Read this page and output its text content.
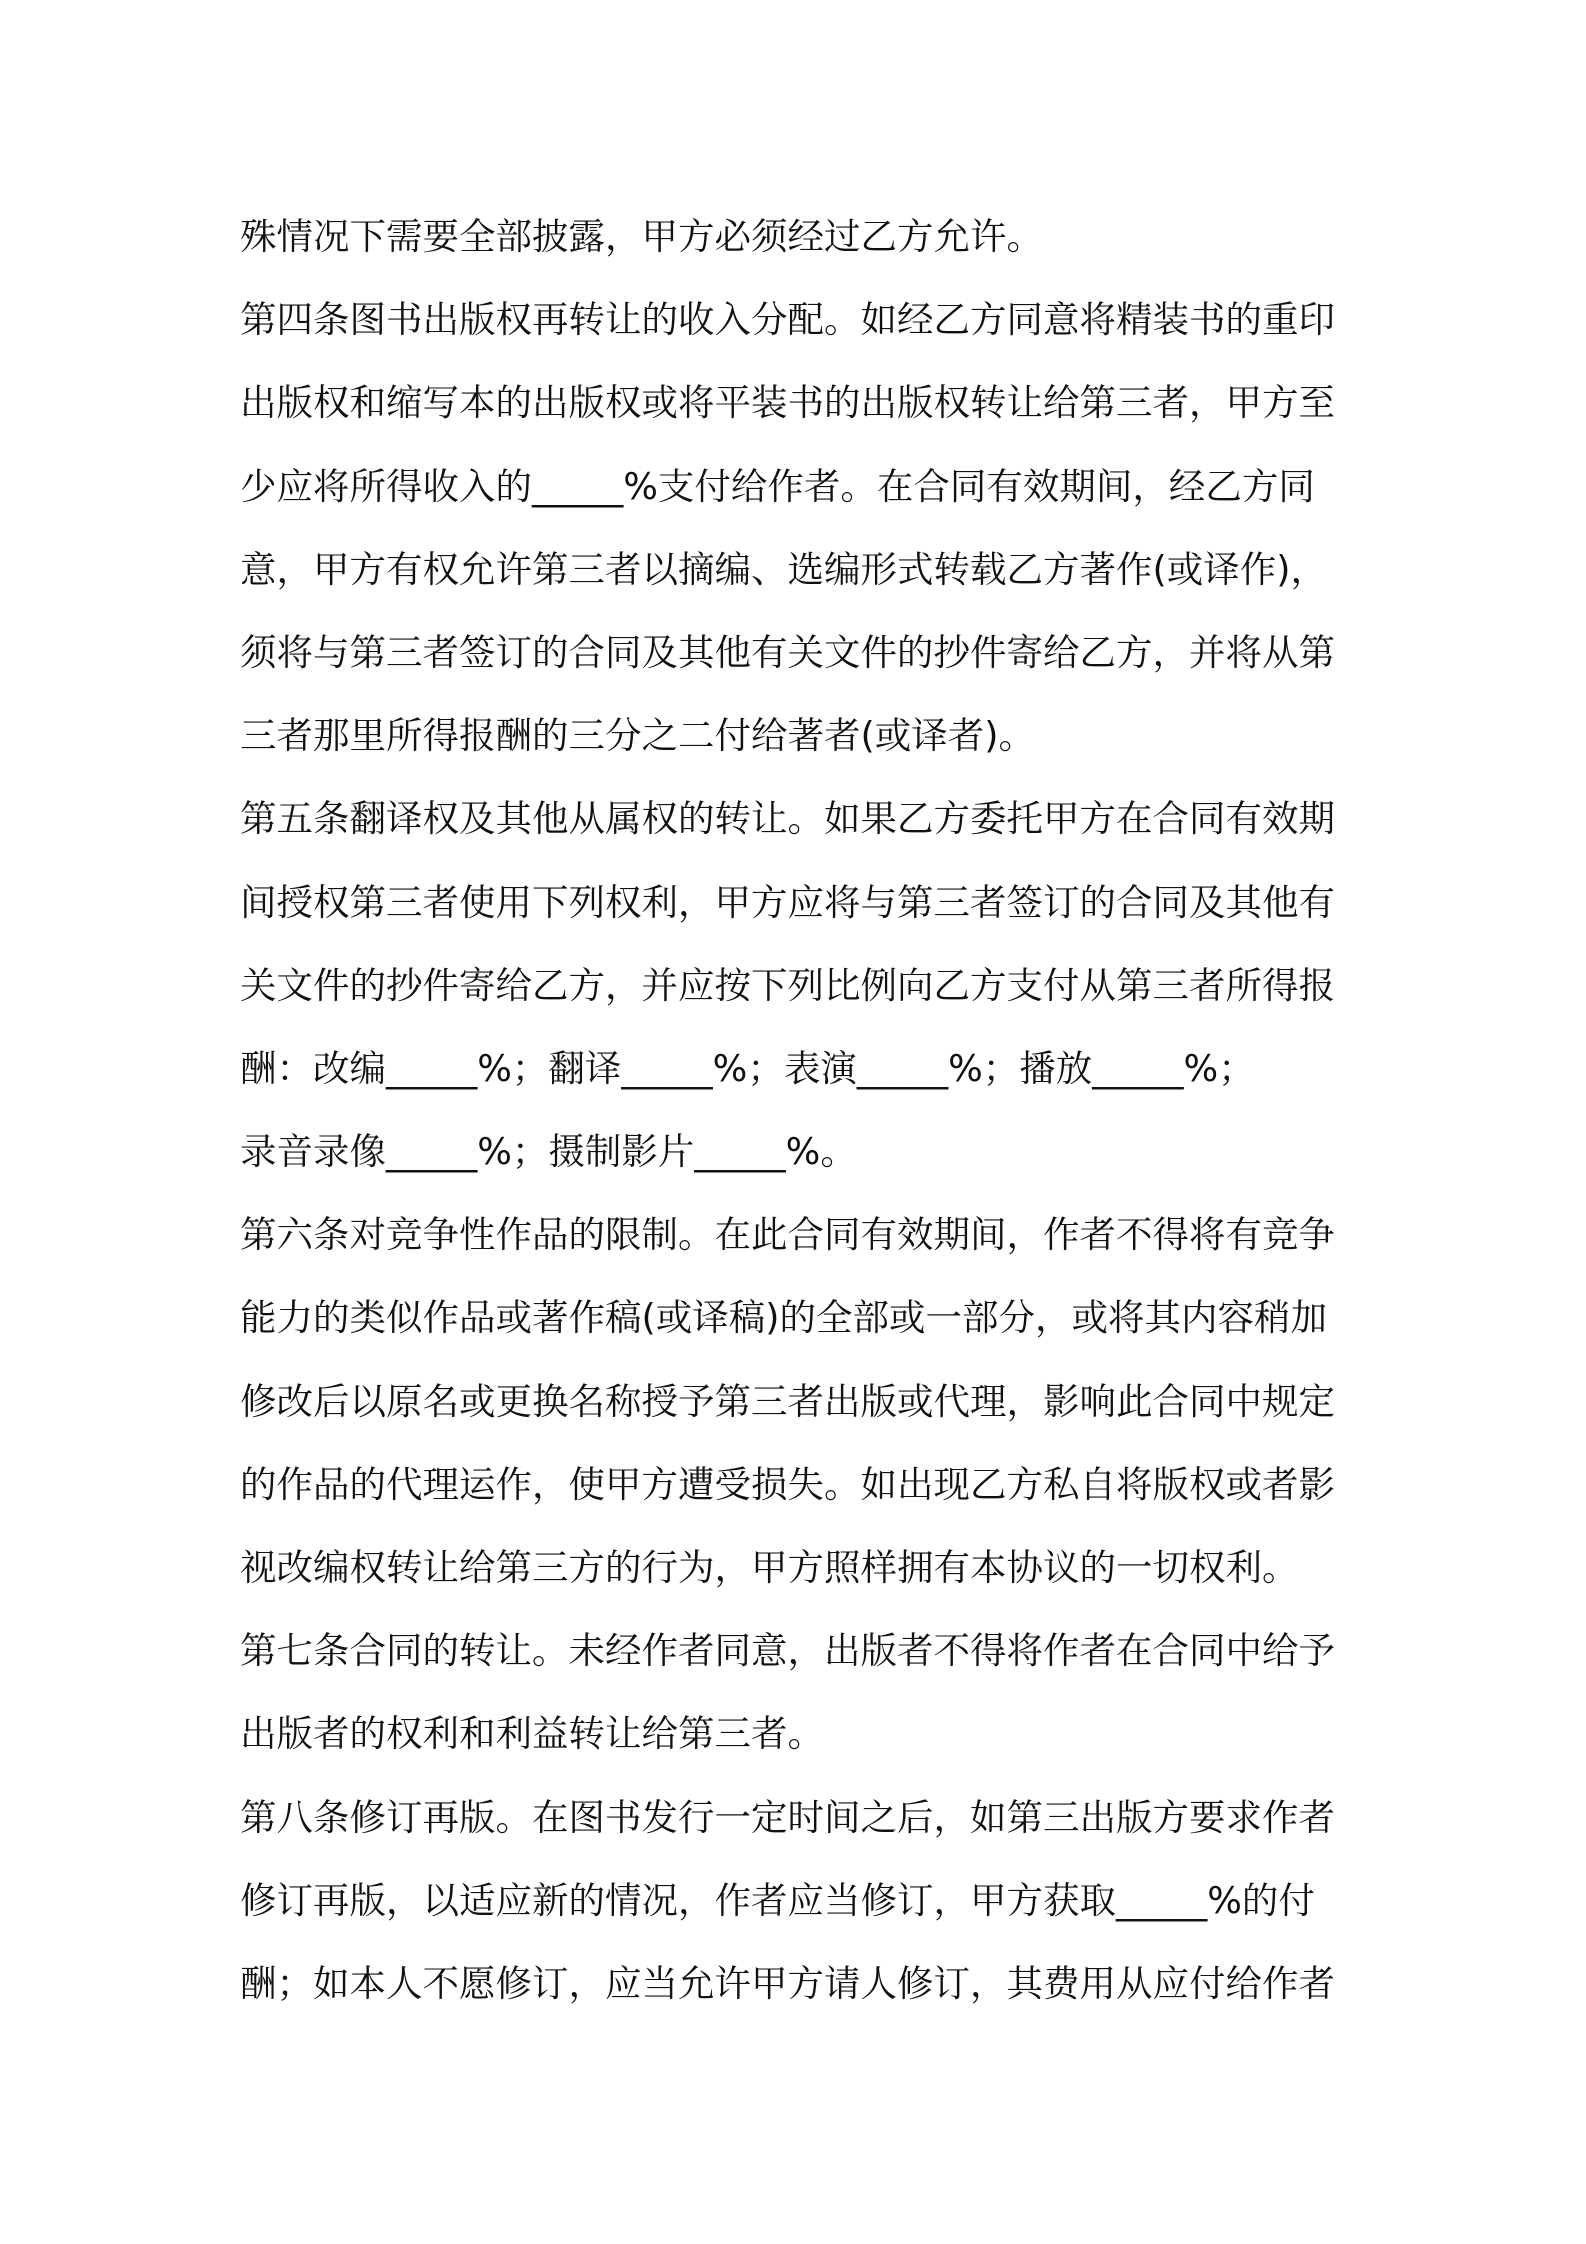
殊情况下需要全部披露，甲方必须经过乙方允许。
第四条图书出版权再转让的收入分配。如经乙方同意将精装书的重印
出版权和缩写本的出版权或将平装书的出版权转让给第三者，甲方至
少应将所得收入的_____%支付给作者。在合同有效期间，经乙方同
意，甲方有权允许第三者以摘编、选编形式转载乙方著作(或译作)，
须将与第三者签订的合同及其他有关文件的抄件寄给乙方，并将从第
三者那里所得报酬的三分之二付给著者(或译者)。
第五条翻译权及其他从属权的转让。如果乙方委托甲方在合同有效期
间授权第三者使用下列权利，甲方应将与第三者签订的合同及其他有
关文件的抄件寄给乙方，并应按下列比例向乙方支付从第三者所得报
酬：改编_____%；翻译_____%；表演_____%；播放_____%；
录音录像_____%；摄制影片_____%。
第六条对竞争性作品的限制。在此合同有效期间，作者不得将有竞争
能力的类似作品或著作稿(或译稿)的全部或一部分，或将其内容稍加
修改后以原名或更换名称授予第三者出版或代理，影响此合同中规定
的作品的代理运作，使甲方遭受损失。如出现乙方私自将版权或者影
视改编权转让给第三方的行为，甲方照样拥有本协议的一切权利。
第七条合同的转让。未经作者同意，出版者不得将作者在合同中给予
出版者的权利和利益转让给第三者。
第八条修订再版。在图书发行一定时间之后，如第三出版方要求作者
修订再版，以适应新的情况，作者应当修订，甲方获取_____%的付
酬；如本人不愿修订，应当允许甲方请人修订，其费用从应付给作者
